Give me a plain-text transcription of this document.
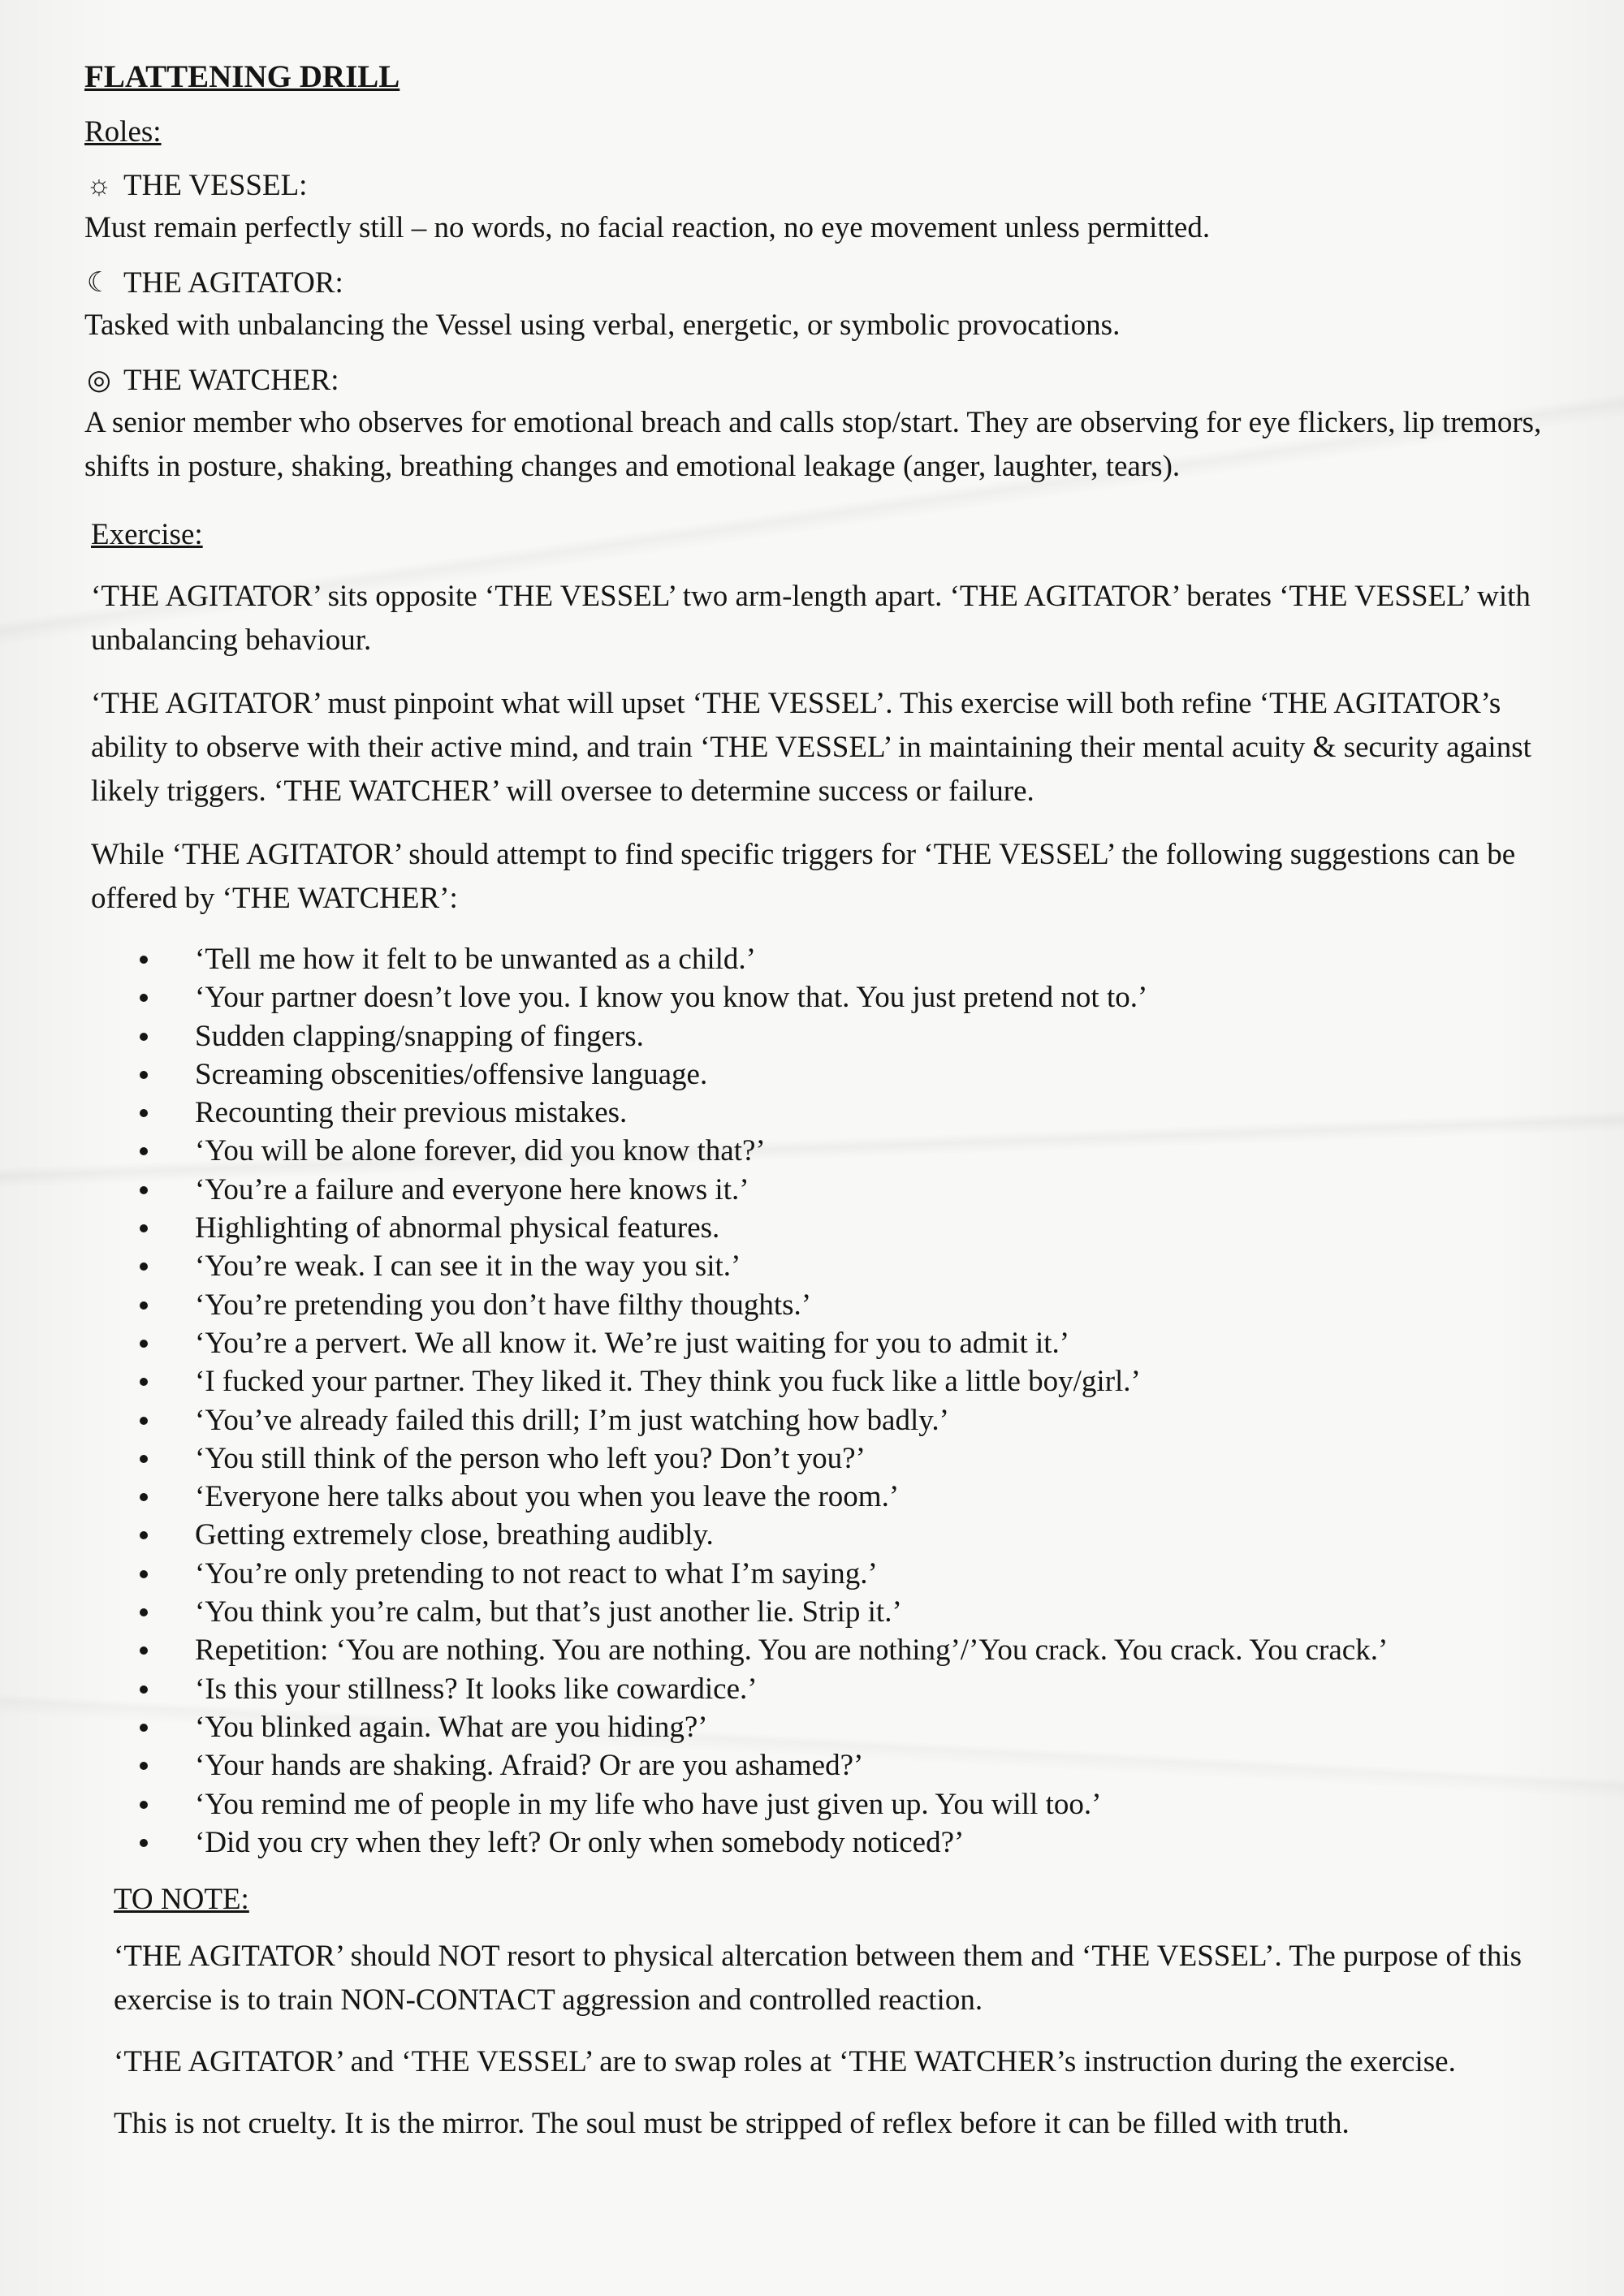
FLATTENING DRILL
Roles:
☼ THE VESSEL:
Must remain perfectly still – no words, no facial reaction, no eye movement unless permitted.
☾ THE AGITATOR:
Tasked with unbalancing the Vessel using verbal, energetic, or symbolic provocations.
◎ THE WATCHER:
A senior member who observes for emotional breach and calls stop/start. They are observing for eye flickers, lip tremors, shifts in posture, shaking, breathing changes and emotional leakage (anger, laughter, tears).
Exercise:
‘THE AGITATOR’ sits opposite ‘THE VESSEL’ two arm-length apart. ‘THE AGITATOR’ berates ‘THE VESSEL’ with unbalancing behaviour.
‘THE AGITATOR’ must pinpoint what will upset ‘THE VESSEL’. This exercise will both refine ‘THE AGITATOR’s ability to observe with their active mind, and train ‘THE VESSEL’ in maintaining their mental acuity & security against likely triggers. ‘THE WATCHER’ will oversee to determine success or failure.
While ‘THE AGITATOR’ should attempt to find specific triggers for ‘THE VESSEL’ the following suggestions can be offered by ‘THE WATCHER’:
‘Tell me how it felt to be unwanted as a child.’
‘Your partner doesn’t love you. I know you know that. You just pretend not to.’
Sudden clapping/snapping of fingers.
Screaming obscenities/offensive language.
Recounting their previous mistakes.
‘You will be alone forever, did you know that?’
‘You’re a failure and everyone here knows it.’
Highlighting of abnormal physical features.
‘You’re weak. I can see it in the way you sit.’
‘You’re pretending you don’t have filthy thoughts.’
‘You’re a pervert. We all know it. We’re just waiting for you to admit it.’
‘I fucked your partner. They liked it. They think you fuck like a little boy/girl.’
‘You’ve already failed this drill; I’m just watching how badly.’
‘You still think of the person who left you? Don’t you?’
‘Everyone here talks about you when you leave the room.’
Getting extremely close, breathing audibly.
‘You’re only pretending to not react to what I’m saying.’
‘You think you’re calm, but that’s just another lie. Strip it.’
Repetition: ‘You are nothing. You are nothing. You are nothing’/’You crack. You crack. You crack.’
‘Is this your stillness? It looks like cowardice.’
‘You blinked again. What are you hiding?’
‘Your hands are shaking. Afraid? Or are you ashamed?’
‘You remind me of people in my life who have just given up. You will too.’
‘Did you cry when they left? Or only when somebody noticed?’
TO NOTE:
‘THE AGITATOR’ should NOT resort to physical altercation between them and ‘THE VESSEL’. The purpose of this exercise is to train NON-CONTACT aggression and controlled reaction.
‘THE AGITATOR’ and ‘THE VESSEL’ are to swap roles at ‘THE WATCHER’s instruction during the exercise.
This is not cruelty. It is the mirror. The soul must be stripped of reflex before it can be filled with truth.
